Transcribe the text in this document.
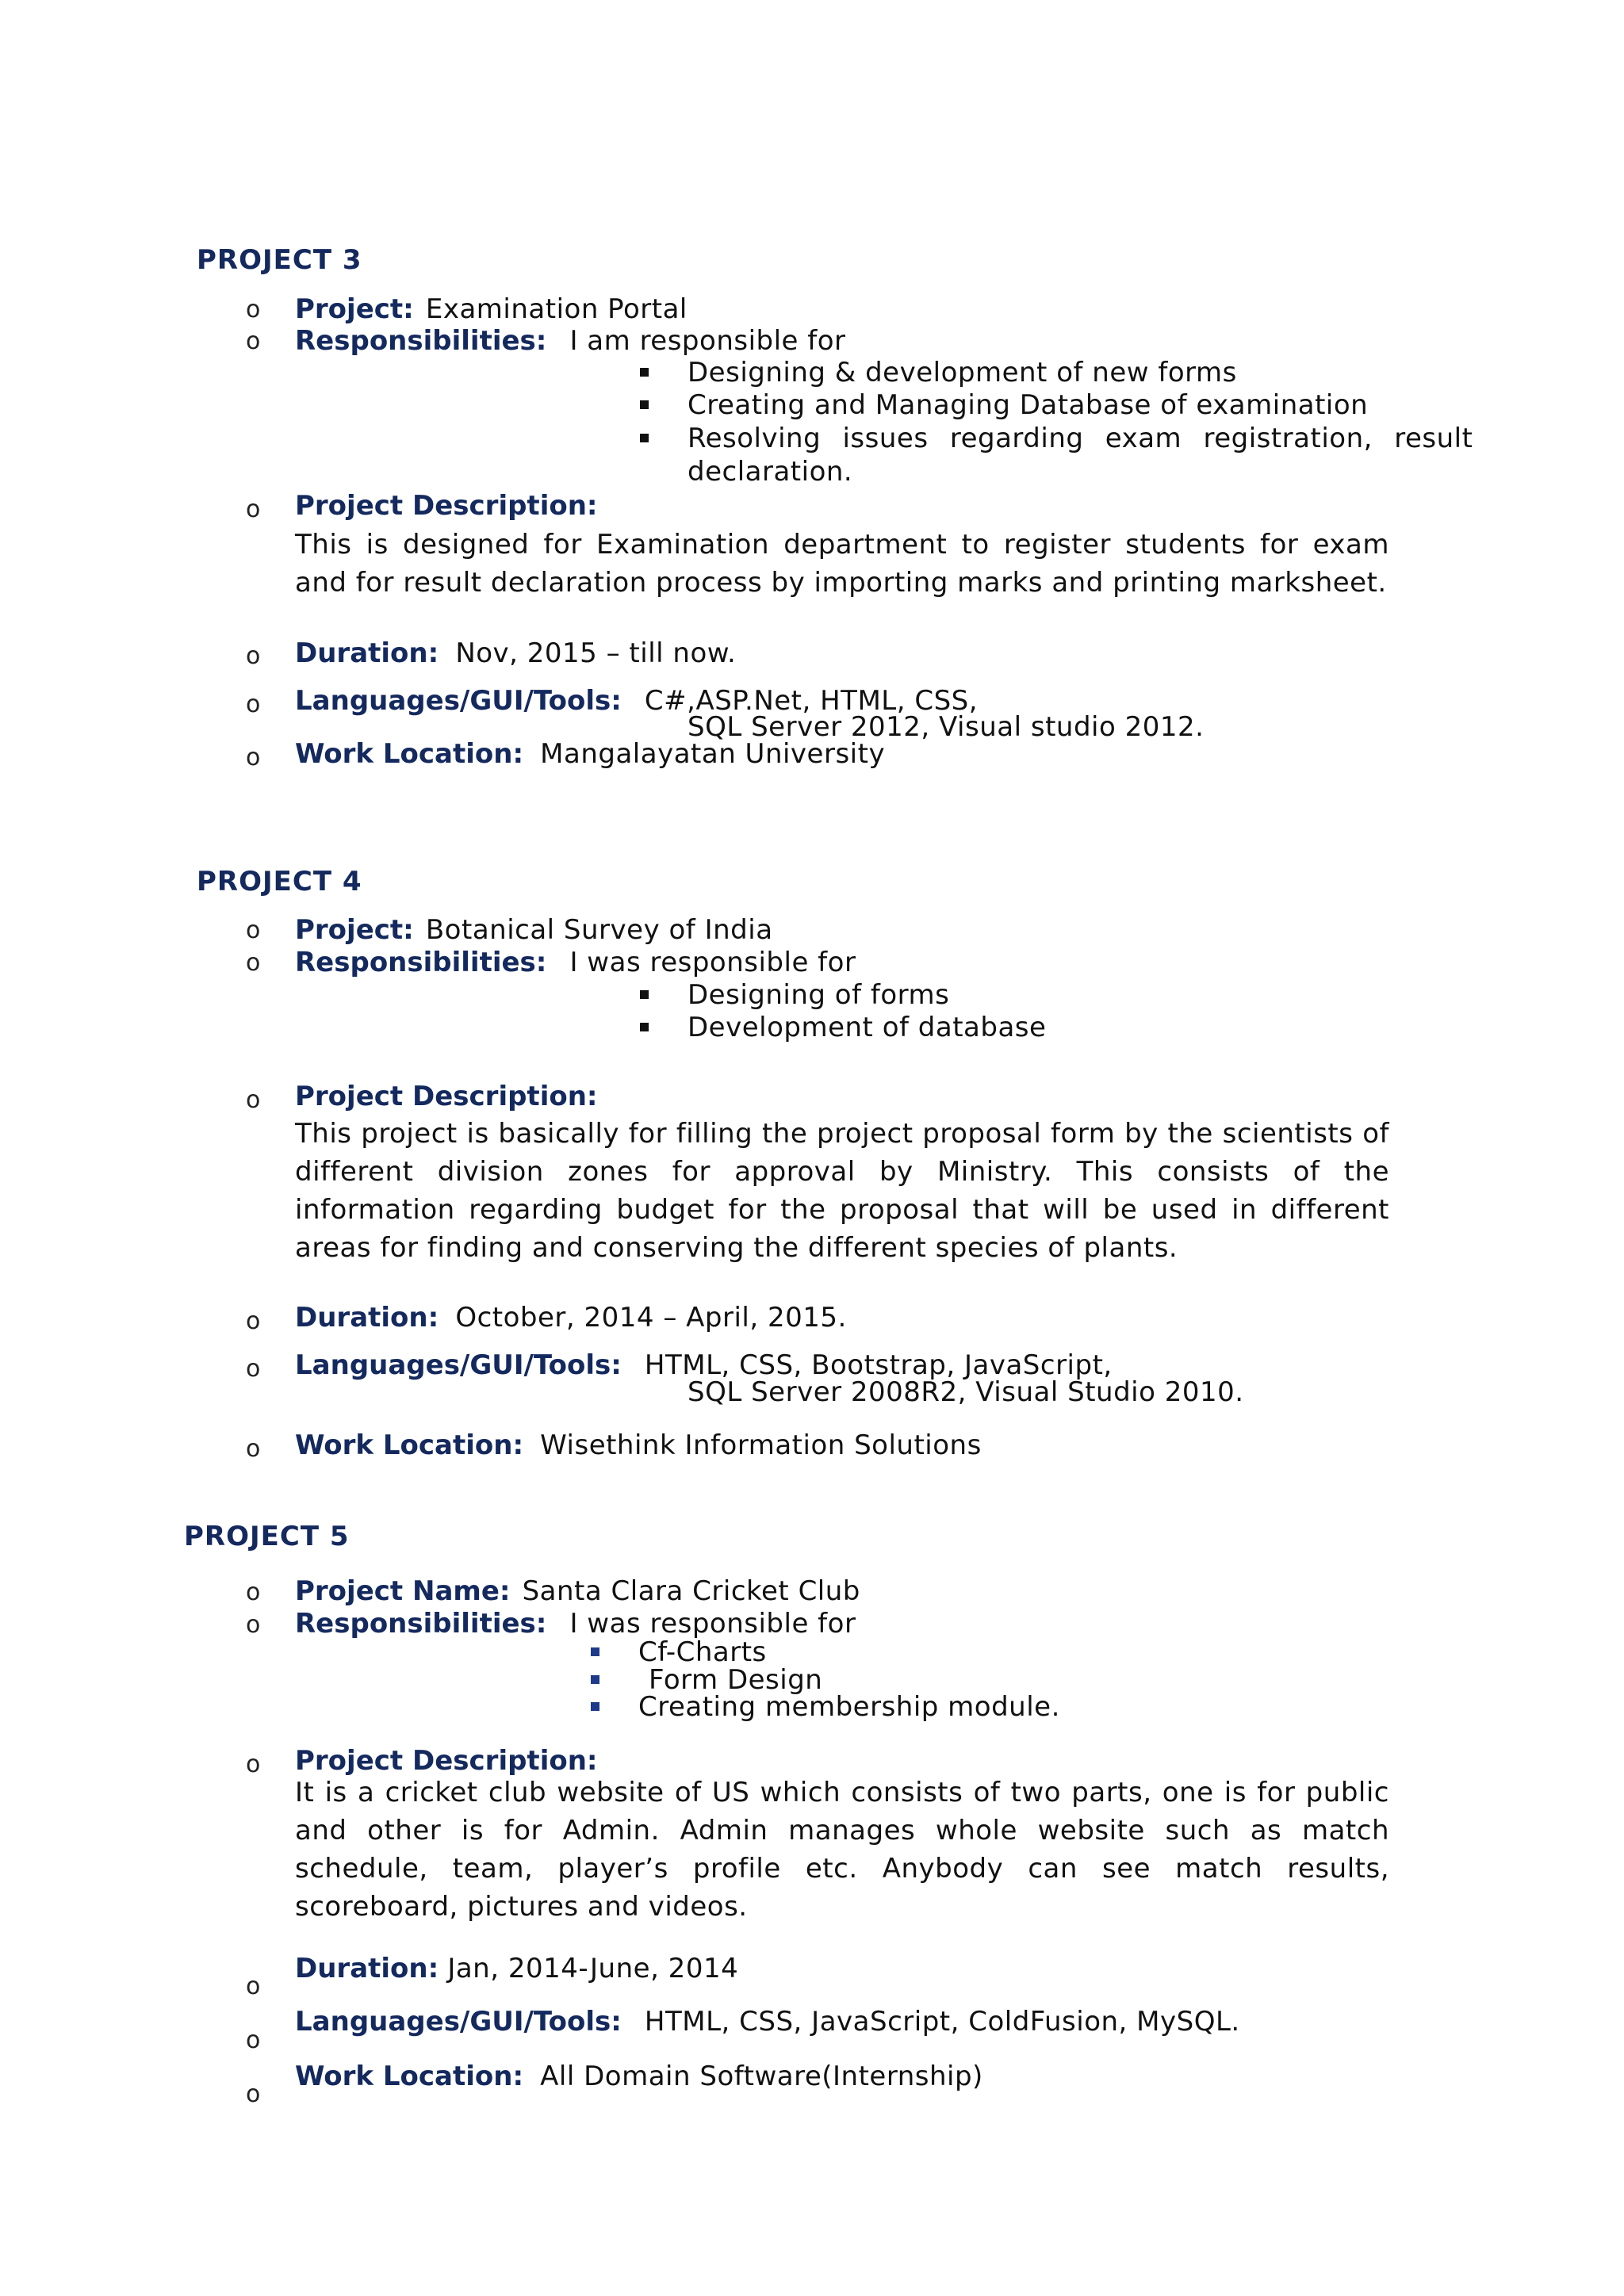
PROJECT 3
o Project: Examination Portal
o Responsibilities: I am responsible for
Designing & development of new forms
Creating and Managing Database of examination
Resolving issues regarding exam registration, result
declaration.
o Project Description:
This is designed for Examination department to register students for exam and for result declaration process by importing marks and printing marksheet.
o Duration: Nov, 2015 – till now.
o Languages/GUI/Tools: C#,ASP.Net, HTML, CSS,
SQL Server 2012, Visual studio 2012.
o Work Location: Mangalayatan University
PROJECT 4
o Project: Botanical Survey of India
o Responsibilities: I was responsible for
Designing of forms
Development of database
o Project Description:
This project is basically for filling the project proposal form by the scientists of different division zones for approval by Ministry. This consists of the information regarding budget for the proposal that will be used in different areas for finding and conserving the different species of plants.
o Duration: October, 2014 – April, 2015.
o Languages/GUI/Tools: HTML, CSS, Bootstrap, JavaScript,
SQL Server 2008R2, Visual Studio 2010.
o Work Location: Wisethink Information Solutions
PROJECT 5
o Project Name: Santa Clara Cricket Club
o Responsibilities: I was responsible for
Cf-Charts
Form Design
Creating membership module.
o Project Description:
It is a cricket club website of US which consists of two parts, one is for public and other is for Admin. Admin manages whole website such as match schedule, team, player’s profile etc. Anybody can see match results, scoreboard, pictures and videos.
o
Duration: Jan, 2014-June, 2014
o
Languages/GUI/Tools: HTML, CSS, JavaScript, ColdFusion, MySQL.
o
Work Location: All Domain Software(Internship)
